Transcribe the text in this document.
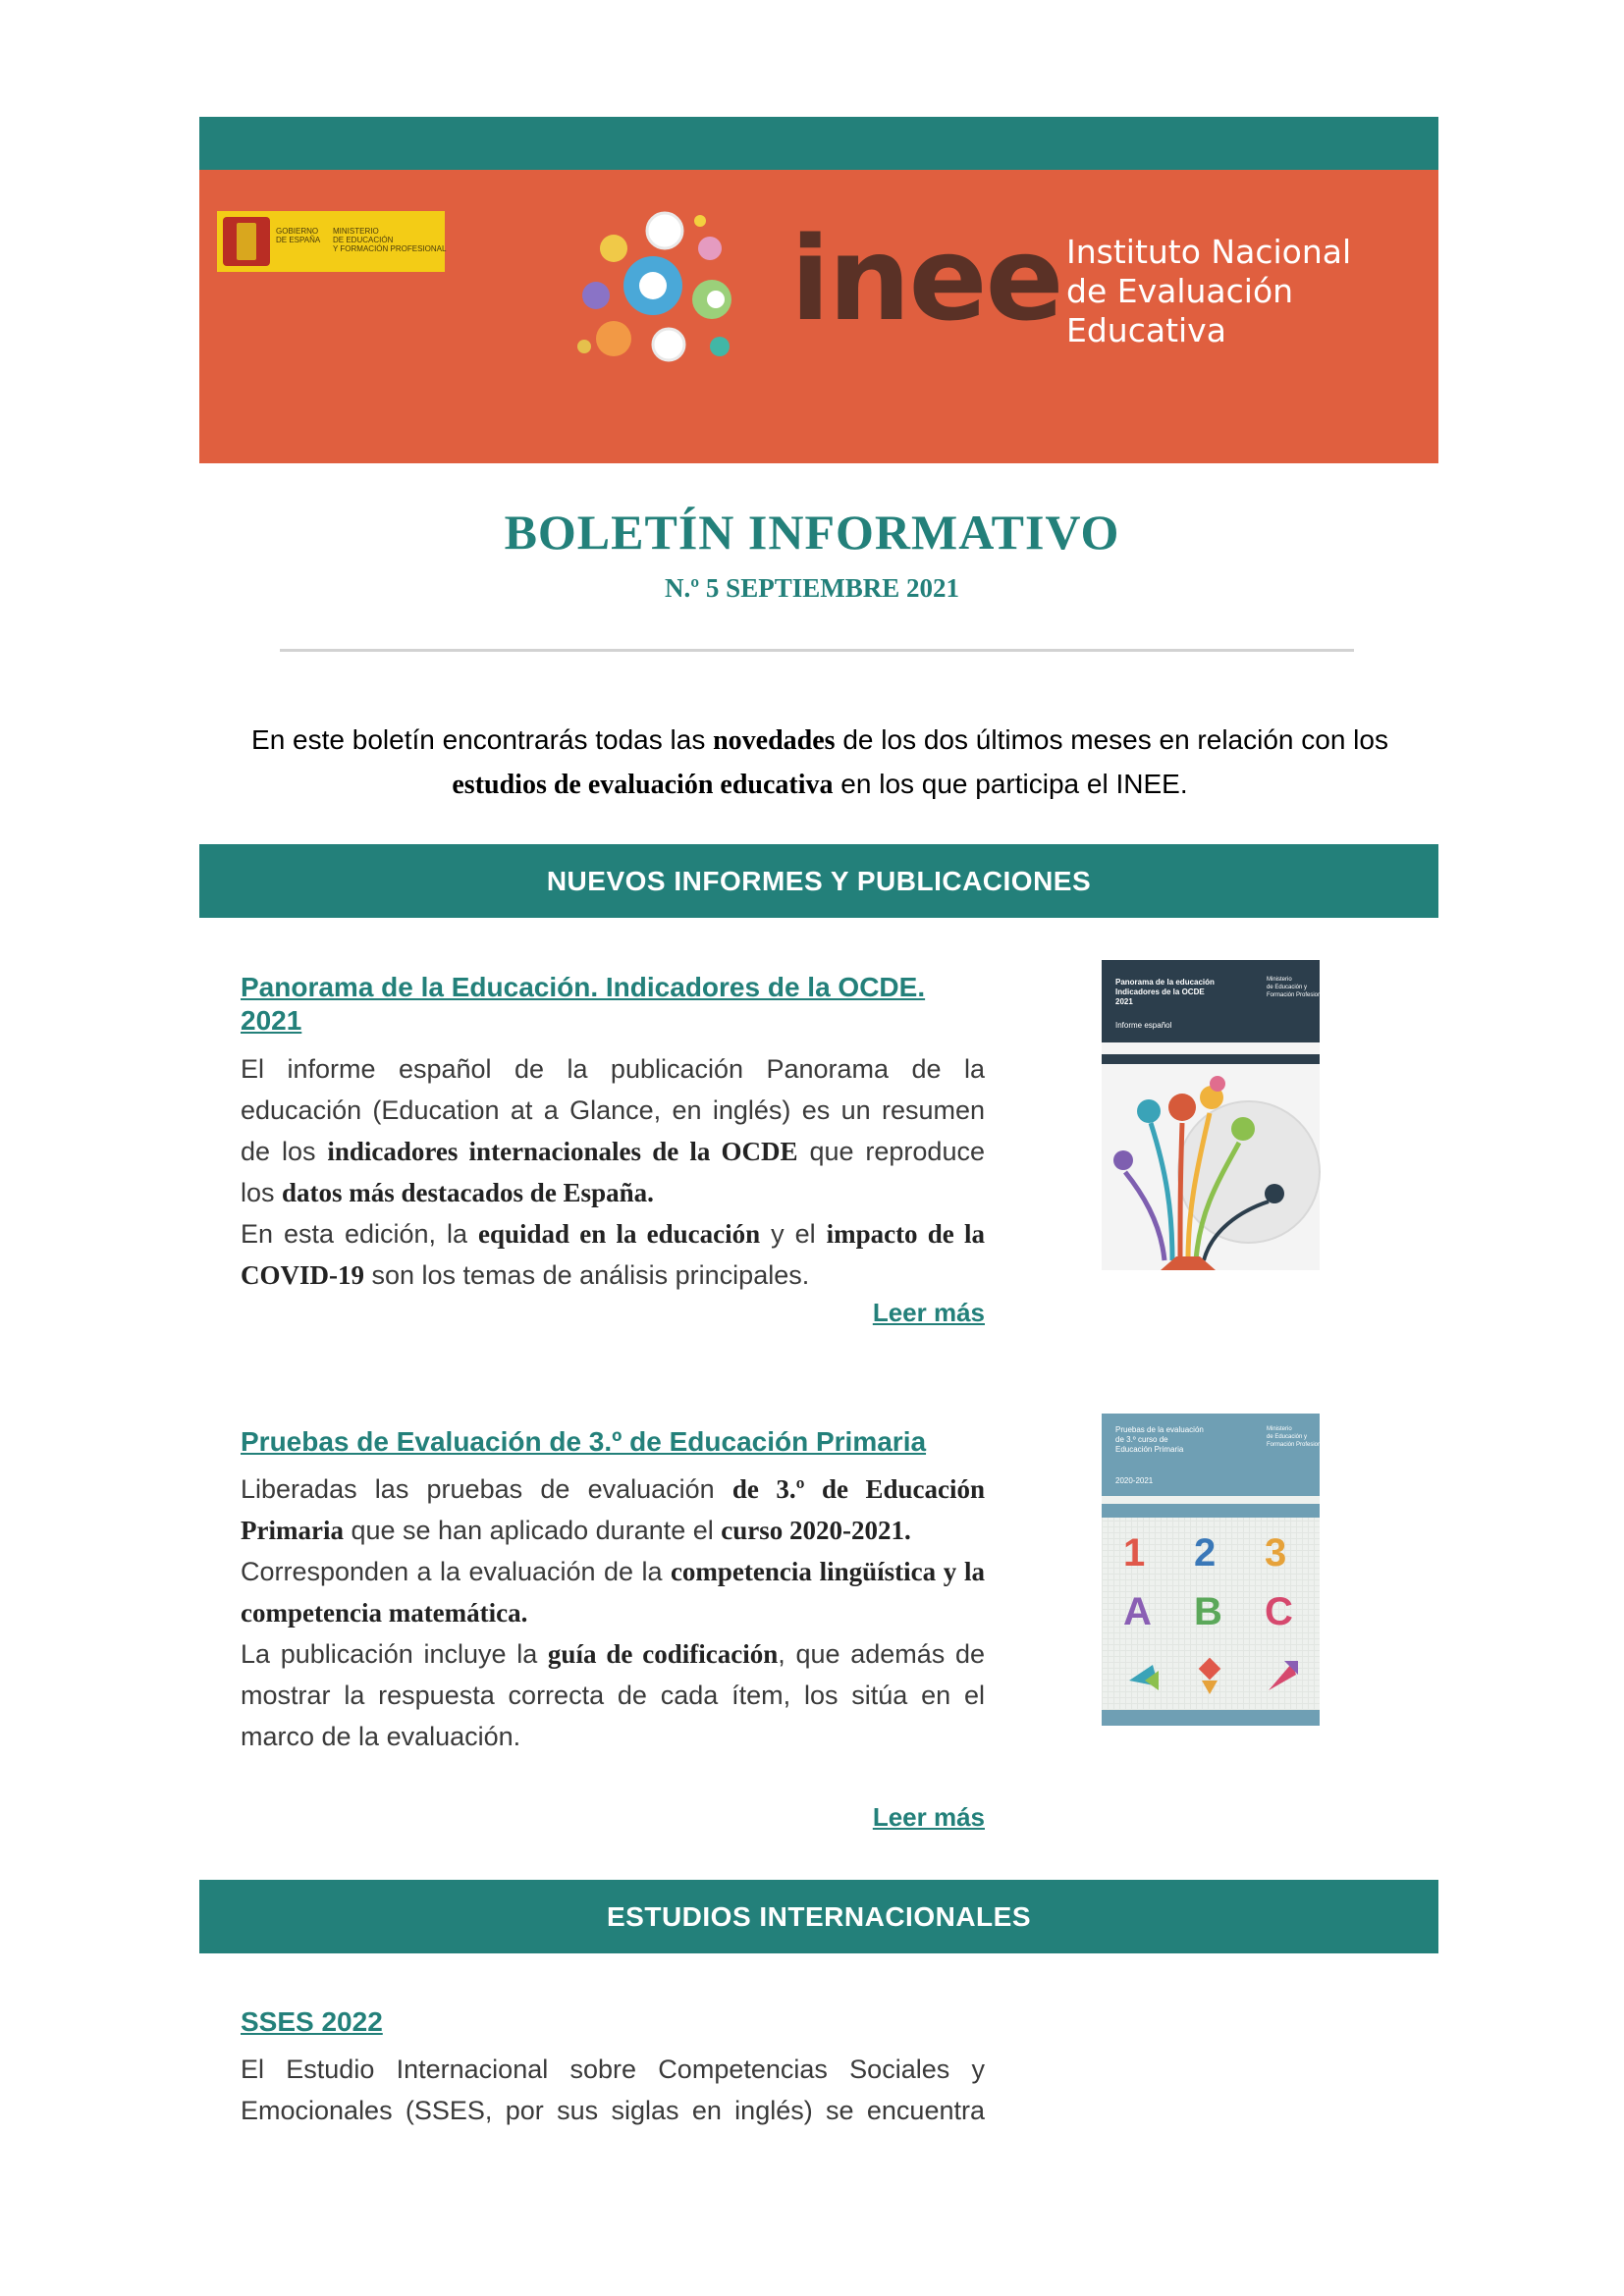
GOBIERNO
DE ESPAÑA
MINISTERIO
DE EDUCACIÓN
Y FORMACIÓN PROFESIONAL	inee Instituto Nacional
de Evaluación
Educativa
BOLETÍN INFORMATIVO
N.º 5 SEPTIEMBRE 2021
En este boletín encontrarás todas las novedades de los dos últimos meses en relación con los estudios de evaluación educativa en los que participa el INEE.
NUEVOS INFORMES Y PUBLICACIONES
Panorama de la Educación. Indicadores de la OCDE. 2021

El informe español de la publicación Panorama de la educación (Education at a Glance, en inglés) es un resumen de los indicadores internacionales de la OCDE que reproduce los datos más destacados de España.

En esta edición, la equidad en la educación y el impacto de la COVID-19 son los temas de análisis principales.

Leer más
Panorama de la educación
Indicadores de la OCDE
2021
Informe español
Ministerio
de Educación y
Formación Profesional
Pruebas de Evaluación de 3.º de Educación Primaria

Liberadas las pruebas de evaluación de 3.º de Educación Primaria que se han aplicado durante el curso 2020-2021.

Corresponden a la evaluación de la competencia lingüística y la competencia matemática.

La publicación incluye la guía de codificación, que además de mostrar la respuesta correcta de cada ítem, los sitúa en el marco de la evaluación.

Leer más
Pruebas de la evaluación
de 3.º curso de
Educación Primaria
2020-2021
Ministerio
de Educación y
Formación Profesional
1 2 3
A B C
ESTUDIOS INTERNACIONALES
SSES 2022
El Estudio Internacional sobre Competencias Sociales y Emocionales (SSES, por sus siglas en inglés) se encuentra
